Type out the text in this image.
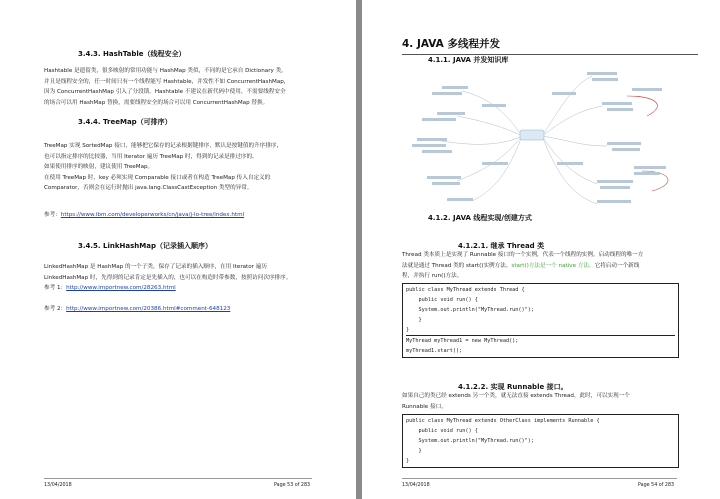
3.4.3. HashTable（线程安全）
Hashtable 是遗留类，很多映射的常用功能与 HashMap 类似，不同的是它承自 Dictionary 类，
并且是线程安全的，任一时间只有一个线程能写 Hashtable，并发性不如 ConcurrentHashMap，
因为 ConcurrentHashMap 引入了分段锁。Hashtable 不建议在新代码中使用，不需要线程安全
的场合可以用 HashMap 替换，需要线程安全的场合可以用 ConcurrentHashMap 替换。
3.4.4. TreeMap（可排序）
TreeMap 实现 SortedMap 接口，能够把它保存的记录根据键排序，默认是按键值的升序排序，
也可以指定排序的比较器，当用 Iterator 遍历 TreeMap 时，得到的记录是排过序的。
如果使用排序的映射，建议使用 TreeMap。
在使用 TreeMap 时，key 必须实现 Comparable 接口或者在构造 TreeMap 传入自定义的
Comparator，否则会在运行时抛出 java.lang.ClassCastException 类型的异常。
参考：https://www.ibm.com/developerworks/cn/java/j-lo-tree/index.html
3.4.5. LinkHashMap（记录插入顺序）
LinkedHashMap 是 HashMap 的一个子类，保存了记录的插入顺序，在用 Iterator 遍历
LinkedHashMap 时，先得到的记录肯定是先插入的，也可以在构造时带参数，按照访问次序排序。
参考 1：http://www.importnew.com/28263.html
参考 2：http://www.importnew.com/20386.html#comment-648123
13/04/2018	Page 53 of 283
4. JAVA 多线程并发
4.1.1. JAVA 并发知识库
4.1.2. JAVA 线程实现/创建方式
4.1.2.1. 继承 Thread 类
Thread 类本质上是实现了 Runnable 接口的一个实例，代表一个线程的实例。启动线程的唯一方
法就是通过 Thread 类的 start()实例方法。start()方法是一个 native 方法，它将启动一个新线
程，并执行 run()方法。
public class MyThread extends Thread {
public void run() {
System.out.println("MyThread.run()");
}
}
MyThread myThread1 = new MyThread();
myThread1.start();
4.1.2.2. 实现 Runnable 接口。
如果自己的类已经 extends 另一个类，就无法直接 extends Thread，此时，可以实现一个
Runnable 接口。
public class MyThread extends OtherClass implements Runnable {
public void run() {
System.out.println("MyThread.run()");
}
}
13/04/2018	Page 54 of 283
